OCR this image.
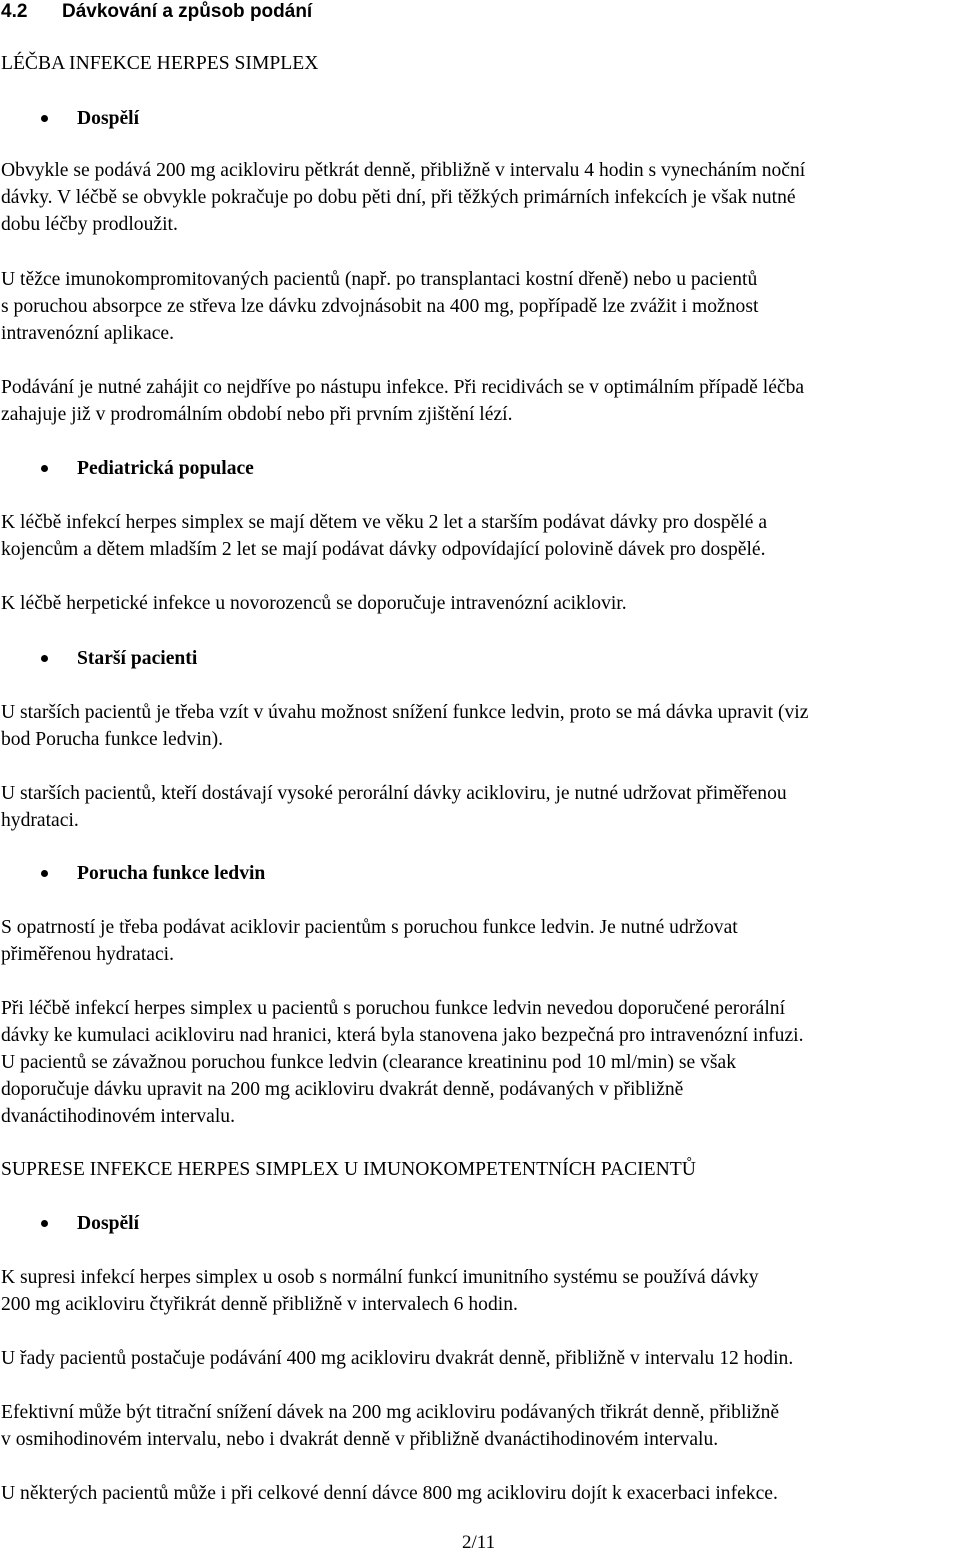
4.2 Dávkování a způsob podání
LÉČBA INFEKCE HERPES SIMPLEX
Dospělí
Obvykle se podává 200 mg acikloviru pětkrát denně, přibližně v intervalu 4 hodin s vynecháním noční
dávky. V léčbě se obvykle pokračuje po dobu pěti dní, při těžkých primárních infekcích je však nutné
dobu léčby prodloužit.
U těžce imunokompromitovaných pacientů (např. po transplantaci kostní dřeně) nebo u pacientů
s poruchou absorpce ze střeva lze dávku zdvojnásobit na 400 mg, popřípadě lze zvážit i možnost
intravenózní aplikace.
Podávání je nutné zahájit co nejdříve po nástupu infekce. Při recidivách se v optimálním případě léčba
zahajuje již v prodromálním období nebo při prvním zjištění lézí.
Pediatrická populace
K léčbě infekcí herpes simplex se mají dětem ve věku 2 let a starším podávat dávky pro dospělé a
kojencům a dětem mladším 2 let se mají podávat dávky odpovídající polovině dávek pro dospělé.
K léčbě herpetické infekce u novorozenců se doporučuje intravenózní aciklovir.
Starší pacienti
U starších pacientů je třeba vzít v úvahu možnost snížení funkce ledvin, proto se má dávka upravit (viz
bod Porucha funkce ledvin).
U starších pacientů, kteří dostávají vysoké perorální dávky acikloviru, je nutné udržovat přiměřenou
hydrataci.
Porucha funkce ledvin
S opatrností je třeba podávat aciklovir pacientům s poruchou funkce ledvin. Je nutné udržovat
přiměřenou hydrataci.
Při léčbě infekcí herpes simplex u pacientů s poruchou funkce ledvin nevedou doporučené perorální
dávky ke kumulaci acikloviru nad hranici, která byla stanovena jako bezpečná pro intravenózní infuzi.
U pacientů se závažnou poruchou funkce ledvin (clearance kreatininu pod 10 ml/min) se však
doporučuje dávku upravit na 200 mg acikloviru dvakrát denně, podávaných v přibližně
dvanáctihodinovém intervalu.
SUPRESE INFEKCE HERPES SIMPLEX U IMUNOKOMPETENTNÍCH PACIENTŮ
Dospělí
K supresi infekcí herpes simplex u osob s normální funkcí imunitního systému se používá dávky
200 mg acikloviru čtyřikrát denně přibližně v intervalech 6 hodin.
U řady pacientů postačuje podávání 400 mg acikloviru dvakrát denně, přibližně v intervalu 12 hodin.
Efektivní může být titrační snížení dávek na 200 mg acikloviru podávaných třikrát denně, přibližně
v osmihodinovém intervalu, nebo i dvakrát denně v přibližně dvanáctihodinovém intervalu.
U některých pacientů může i při celkové denní dávce 800 mg acikloviru dojít k exacerbaci infekce.
2/11
